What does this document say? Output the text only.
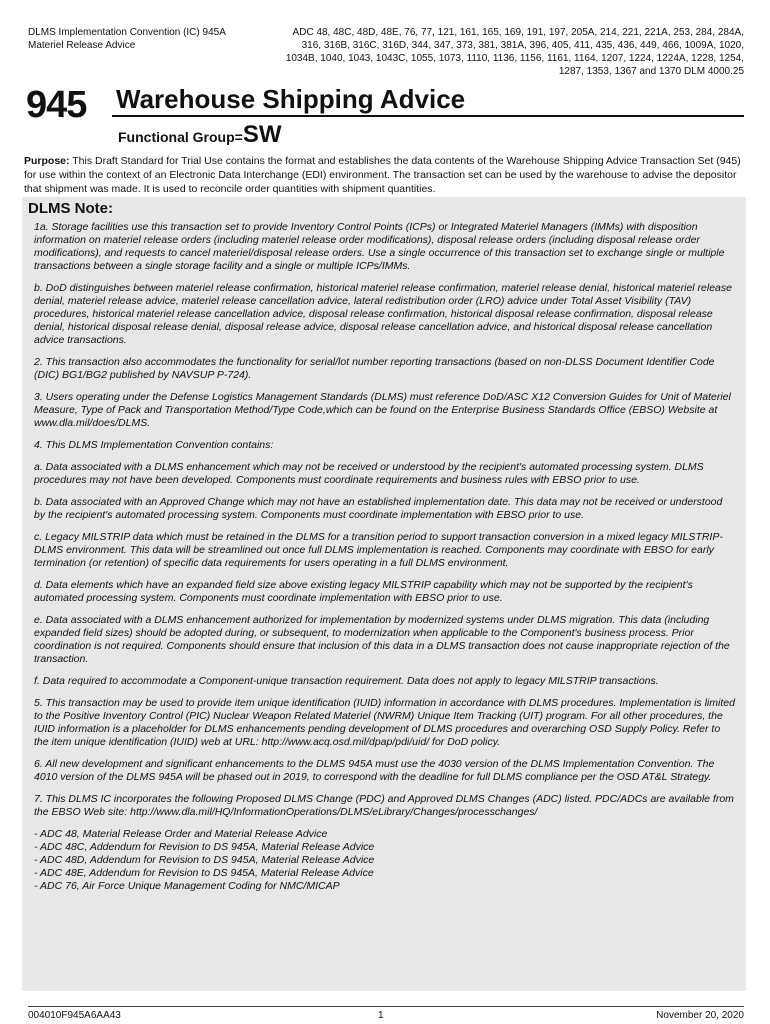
DLMS Implementation Convention (IC) 945A
Materiel Release Advice
ADC 48, 48C, 48D, 48E, 76, 77, 121, 161, 165, 169, 191, 197, 205A, 214, 221, 221A, 253, 284, 284A, 316, 316B, 316C, 316D, 344, 347, 373, 381, 381A, 396, 405, 411, 435, 436, 449, 466, 1009A, 1020, 1034B, 1040, 1043, 1043C, 1055, 1073, 1110, 1136, 1156, 1161, 1164, 1207, 1224, 1224A, 1228, 1254, 1287, 1353, 1367 and 1370 DLM 4000.25
945 Warehouse Shipping Advice
Functional Group=SW
Purpose: This Draft Standard for Trial Use contains the format and establishes the data contents of the Warehouse Shipping Advice Transaction Set (945) for use within the context of an Electronic Data Interchange (EDI) environment. The transaction set can be used by the warehouse to advise the depositor that shipment was made. It is used to reconcile order quantities with shipment quantities.
DLMS Note:

1a. Storage facilities use this transaction set to provide Inventory Control Points (ICPs) or Integrated Materiel Managers (IMMs) with disposition information on materiel release orders (including materiel release order modifications), disposal release orders (including disposal release order modifications), and requests to cancel materiel/disposal release orders. Use a single occurrence of this transaction set to exchange single or multiple transactions between a single storage facility and a single or multiple ICPs/IMMs.

b. DoD distinguishes between materiel release confirmation, historical materiel release confirmation, materiel release denial, historical materiel release denial, materiel release advice, materiel release cancellation advice, lateral redistribution order (LRO) advice under Total Asset Visibility (TAV) procedures, historical materiel release cancellation advice, disposal release confirmation, historical disposal release confirmation, disposal release denial, historical disposal release denial, disposal release advice, disposal release cancellation advice, and historical disposal release cancellation advice transactions.

2. This transaction also accommodates the functionality for serial/lot number reporting transactions (based on non-DLSS Document Identifier Code (DIC) BG1/BG2 published by NAVSUP P-724).

3. Users operating under the Defense Logistics Management Standards (DLMS) must reference DoD/ASC X12 Conversion Guides for Unit of Materiel Measure, Type of Pack and Transportation Method/Type Code,which can be found on the Enterprise Business Standards Office (EBSO) Website at www.dla.mil/does/DLMS.

4. This DLMS Implementation Convention contains:

a. Data associated with a DLMS enhancement which may not be received or understood by the recipient's automated processing system. DLMS procedures may not have been developed. Components must coordinate requirements and business rules with EBSO prior to use.

b. Data associated with an Approved Change which may not have an established implementation date. This data may not be received or understood by the recipient's automated processing system. Components must coordinate implementation with EBSO prior to use.

c. Legacy MILSTRIP data which must be retained in the DLMS for a transition period to support transaction conversion in a mixed legacy MILSTRIP-DLMS environment. This data will be streamlined out once full DLMS implementation is reached. Components may coordinate with EBSO for early termination (or retention) of specific data requirements for users operating in a full DLMS environment.

d. Data elements which have an expanded field size above existing legacy MILSTRIP capability which may not be supported by the recipient's automated processing system. Components must coordinate implementation with EBSO prior to use.

e. Data associated with a DLMS enhancement authorized for implementation by modernized systems under DLMS migration. This data (including expanded field sizes) should be adopted during, or subsequent, to modernization when applicable to the Component's business process. Prior coordination is not required. Components should ensure that inclusion of this data in a DLMS transaction does not cause inappropriate rejection of the transaction.

f. Data required to accommodate a Component-unique transaction requirement. Data does not apply to legacy MILSTRIP transactions.

5. This transaction may be used to provide item unique identification (IUID) information in accordance with DLMS procedures. Implementation is limited to the Positive Inventory Control (PIC) Nuclear Weapon Related Materiel (NWRM) Unique Item Tracking (UIT) program. For all other procedures, the IUID information is a placeholder for DLMS enhancements pending development of DLMS procedures and overarching OSD Supply Policy. Refer to the item unique identification (IUID) web at URL: http://www.acq.osd.mil/dpap/pdi/uid/ for DoD policy.

6. All new development and significant enhancements to the DLMS 945A must use the 4030 version of the DLMS Implementation Convention. The 4010 version of the DLMS 945A will be phased out in 2019, to correspond with the deadline for full DLMS compliance per the OSD AT&L Strategy.

7. This DLMS IC incorporates the following Proposed DLMS Change (PDC) and Approved DLMS Changes (ADC) listed. PDC/ADCs are available from the EBSO Web site: http://www.dla.mil/HQ/InformationOperations/DLMS/eLibrary/Changes/processchanges/

- ADC 48, Material Release Order and Material Release Advice
- ADC 48C, Addendum for Revision to DS 945A, Material Release Advice
- ADC 48D, Addendum for Revision to DS 945A, Material Release Advice
- ADC 48E, Addendum for Revision to DS 945A, Material Release Advice
- ADC 76, Air Force Unique Management Coding for NMC/MICAP
004010F945A6AA43	1	November 20, 2020
